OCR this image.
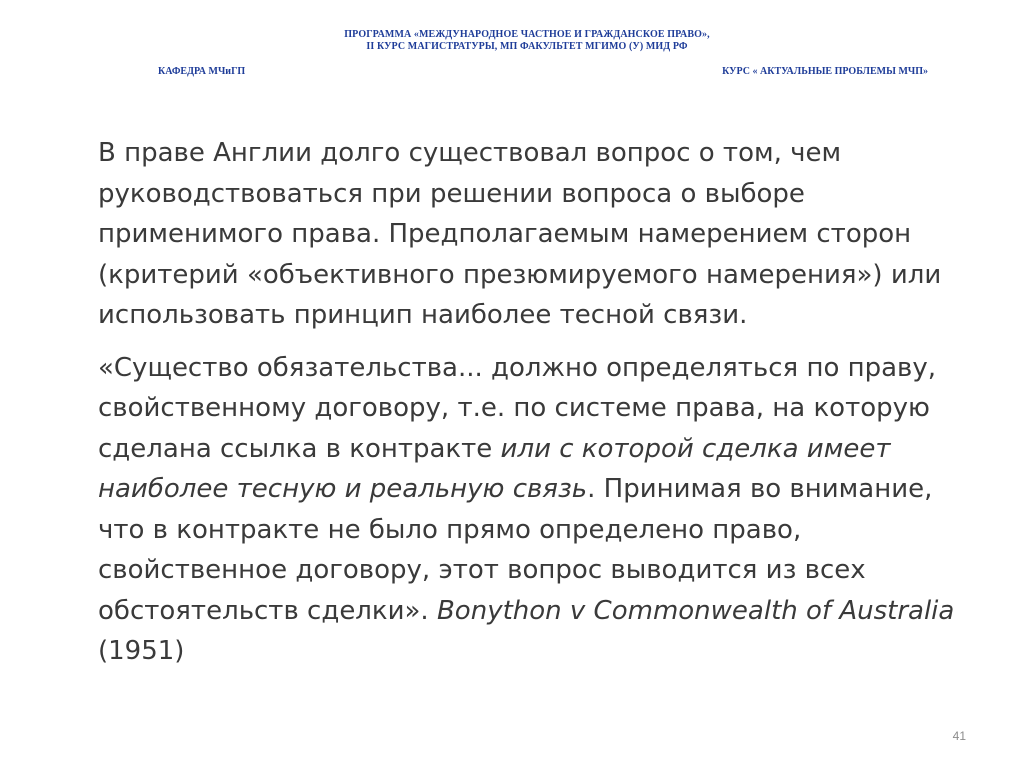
ПРОГРАММА «МЕЖДУНАРОДНОЕ ЧАСТНОЕ И ГРАЖДАНСКОЕ ПРАВО»,
II КУРС МАГИСТРАТУРЫ, МП ФАКУЛЬТЕТ МГИМО (У) МИД РФ
КАФЕДРА МЧиГП	КУРС « АКТУАЛЬНЫЕ ПРОБЛЕМЫ МЧП»

В праве Англии долго существовал вопрос о том, чем руководствоваться при решении вопроса о выборе применимого права. Предполагаемым намерением сторон (критерий «объективного презюмируемого намерения») или использовать принцип наиболее тесной связи.

«Существо обязательства... должно определяться по праву, свойственному договору, т.е. по системе права, на которую сделана ссылка в контракте или с которой сделка имеет наиболее тесную и реальную связь. Принимая во внимание, что в контракте не было прямо определено право, свойственное договору, этот вопрос выводится из всех обстоятельств сделки». Bonython v Commonwealth of Australia (1951)

41
